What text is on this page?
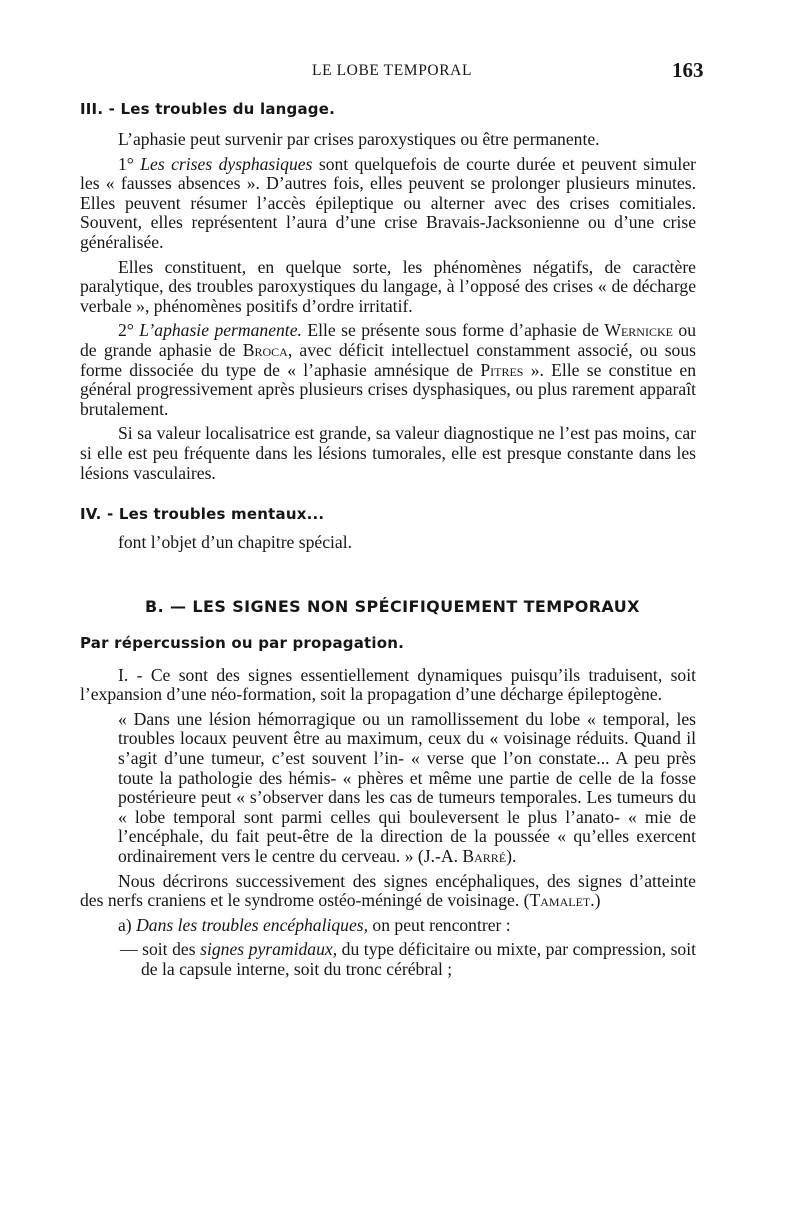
LE LOBE TEMPORAL	163
III. - Les troubles du langage.

L’aphasie peut survenir par crises paroxystiques ou être permanente.

1° Les crises dysphasiques sont quelquefois de courte durée et peuvent simuler les « fausses absences ». D’autres fois, elles peuvent se prolonger plusieurs minutes. Elles peuvent résumer l’accès épileptique ou alterner avec des crises comitiales. Souvent, elles représentent l’aura d’une crise Bravais-Jacksonienne ou d’une crise généralisée.

Elles constituent, en quelque sorte, les phénomènes négatifs, de caractère paralytique, des troubles paroxystiques du langage, à l’opposé des crises « de décharge verbale », phénomènes positifs d’ordre irritatif.

2° L’aphasie permanente. Elle se présente sous forme d’aphasie de Wernicke ou de grande aphasie de Broca, avec déficit intellectuel constamment associé, ou sous forme dissociée du type de « l’aphasie amnésique de Pitres ». Elle se constitue en général progressivement après plusieurs crises dysphasiques, ou plus rarement apparaît brutalement.

Si sa valeur localisatrice est grande, sa valeur diagnostique ne l’est pas moins, car si elle est peu fréquente dans les lésions tumorales, elle est presque constante dans les lésions vasculaires.

IV. - Les troubles mentaux...

font l’objet d’un chapitre spécial.

B. — LES SIGNES NON SPÉCIFIQUEMENT TEMPORAUX
Par répercussion ou par propagation.

I. - Ce sont des signes essentiellement dynamiques puisqu’ils traduisent, soit l’expansion d’une néo-formation, soit la propagation d’une décharge épileptogène.

« Dans une lésion hémorragique ou un ramollissement du lobe « temporal, les troubles locaux peuvent être au maximum, ceux du « voisinage réduits. Quand il s’agit d’une tumeur, c’est souvent l’in- « verse que l’on constate... A peu près toute la pathologie des hémis- « phères et même une partie de celle de la fosse postérieure peut « s’observer dans les cas de tumeurs temporales. Les tumeurs du « lobe temporal sont parmi celles qui bouleversent le plus l’anato- « mie de l’encéphale, du fait peut-être de la direction de la poussée « qu’elles exercent ordinairement vers le centre du cerveau. » (J.-A. Barré).

Nous décrirons successivement des signes encéphaliques, des signes d’atteinte des nerfs craniens et le syndrome ostéo-méningé de voisinage. (Tamalet.)

a) Dans les troubles encéphaliques, on peut rencontrer :

— soit des signes pyramidaux, du type déficitaire ou mixte, par compression, soit de la capsule interne, soit du tronc cérébral ;
